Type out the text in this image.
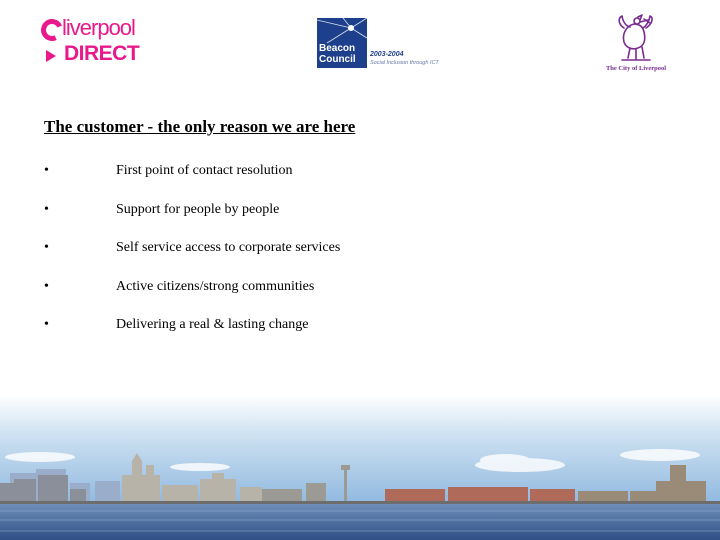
liverpool
DIRECT	Beacon Council	2003-2004
Social Inclusion through ICT
The City of Liverpool
The customer - the only reason we are here
•	First point of contact resolution
•	Support for people by people
•	Self service access to corporate services
•	Active citizens/strong communities
•	Delivering a real & lasting change
